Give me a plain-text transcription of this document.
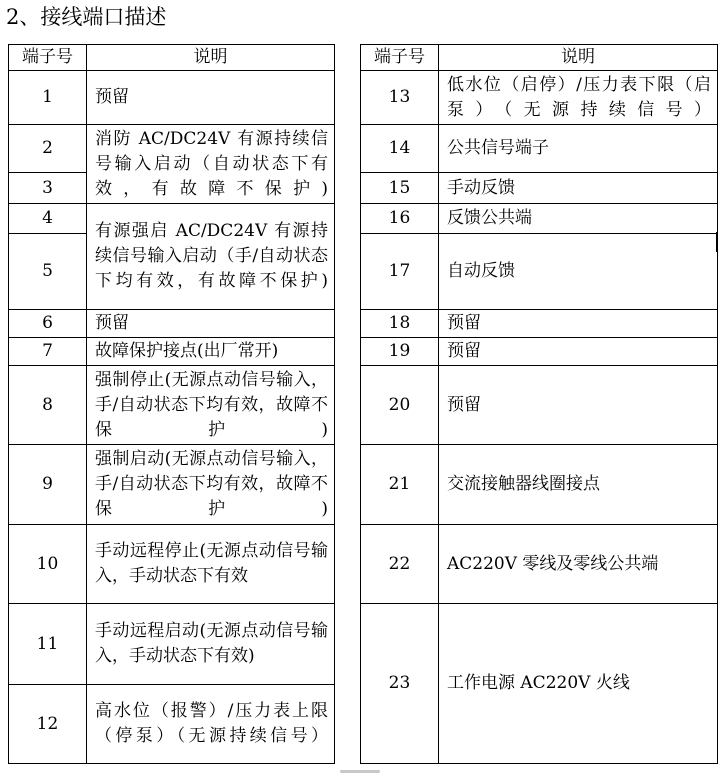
2、接线端口描述
端子号	说明
1	预留
2	消防 AC/DC24V 有源持续信号输入启动（自动状态下有效，有故障不保护)
3	
4	有源强启 AC/DC24V 有源持续信号输入启动（手/自动状态下均有效，有故障不保护)
5	
6	预留
7	故障保护接点(出厂常开)
8	强制停止(无源点动信号输入，手/自动状态下均有效，故障不保护)
9	强制启动(无源点动信号输入，手/自动状态下均有效，故障不保护)
10	手动远程停止(无源点动信号输入，手动状态下有效
11	手动远程启动(无源点动信号输入，手动状态下有效)
12	高水位（报警）/压力表上限（停泵）（无源持续信号）
端子号	说明
13	低水位（启停）/压力表下限（启泵）（无源持续信号）
14	公共信号端子
15	手动反馈
16	反馈公共端
17	自动反馈
18	预留
19	预留
20	预留
21	交流接触器线圈接点
22	AC220V 零线及零线公共端
23	工作电源 AC220V 火线
